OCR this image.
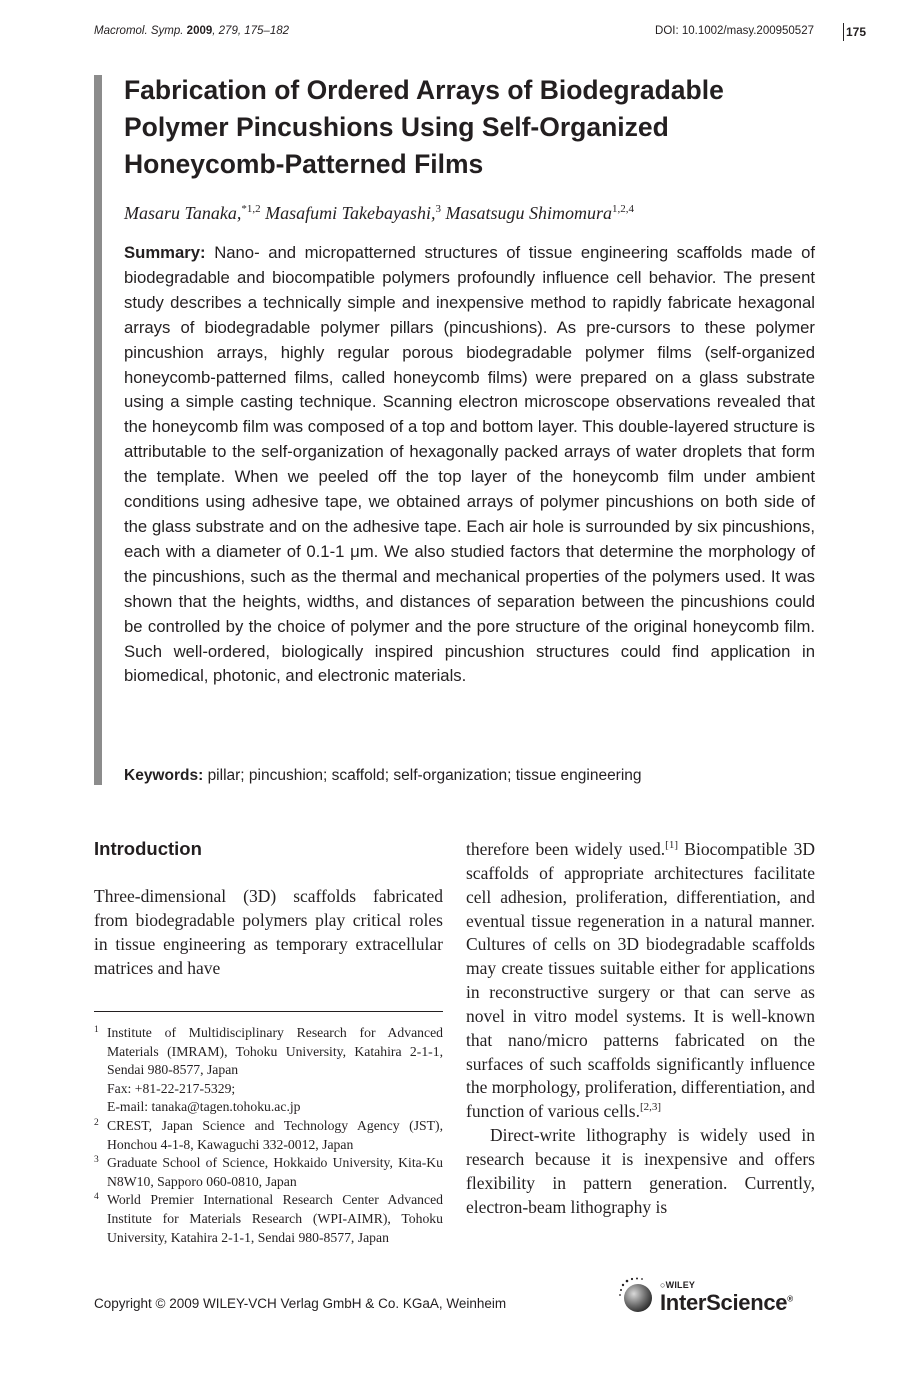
Macromol. Symp. 2009, 279, 175–182	DOI: 10.1002/masy.200950527	175
Fabrication of Ordered Arrays of Biodegradable Polymer Pincushions Using Self-Organized Honeycomb-Patterned Films
Masaru Tanaka,$^{*1,2}$ Masafumi Takebayashi,$^3$ Masatsugu Shimomura$^{1,2,4}$

Summary: Nano- and micropatterned structures of tissue engineering scaffolds made of biodegradable and biocompatible polymers profoundly influence cell behavior. The present study describes a technically simple and inexpensive method to rapidly fabricate hexagonal arrays of biodegradable polymer pillars (pincushions). As pre-cursors to these polymer pincushion arrays, highly regular porous biodegradable polymer films (self-organized honeycomb-patterned films, called honeycomb films) were prepared on a glass substrate using a simple casting technique. Scanning electron microscope observations revealed that the honeycomb film was composed of a top and bottom layer. This double-layered structure is attributable to the self-organization of hexagonally packed arrays of water droplets that form the template. When we peeled off the top layer of the honeycomb film under ambient conditions using adhesive tape, we obtained arrays of polymer pincushions on both side of the glass substrate and on the adhesive tape. Each air hole is surrounded by six pincushions, each with a diameter of 0.1-1 μm. We also studied factors that determine the morphology of the pincushions, such as the thermal and mechanical properties of the polymers used. It was shown that the heights, widths, and distances of separation between the pincushions could be controlled by the choice of polymer and the pore structure of the original honeycomb film. Such well-ordered, biologically inspired pincushion structures could find application in biomedical, photonic, and electronic materials.

Keywords: pillar; pincushion; scaffold; self-organization; tissue engineering
Introduction

Three-dimensional (3D) scaffolds fabricated from biodegradable polymers play critical roles in tissue engineering as temporary extracellular matrices and have

1 Institute of Multidisciplinary Research for Advanced Materials (IMRAM), Tohoku University, Katahira 2-1-1, Sendai 980-8577, Japan
Fax: +81-22-217-5329;
E-mail: tanaka@tagen.tohoku.ac.jp
2 CREST, Japan Science and Technology Agency (JST), Honchou 4-1-8, Kawaguchi 332-0012, Japan
3 Graduate School of Science, Hokkaido University, Kita-Ku N8W10, Sapporo 060-0810, Japan
4 World Premier International Research Center Advanced Institute for Materials Research (WPI-AIMR), Tohoku University, Katahira 2-1-1, Sendai 980-8577, Japan

therefore been widely used.[1] Biocompatible 3D scaffolds of appropriate architectures facilitate cell adhesion, proliferation, differentiation, and eventual tissue regeneration in a natural manner. Cultures of cells on 3D biodegradable scaffolds may create tissues suitable either for applications in reconstructive surgery or that can serve as novel in vitro model systems. It is well-known that nano/micro patterns fabricated on the surfaces of such scaffolds significantly influence the morphology, proliferation, differentiation, and function of various cells.[2,3]

Direct-write lithography is widely used in research because it is inexpensive and offers flexibility in pattern generation. Currently, electron-beam lithography is

Copyright © 2009 WILEY-VCH Verlag GmbH & Co. KGaA, Weinheim
○WILEY
InterScience®
